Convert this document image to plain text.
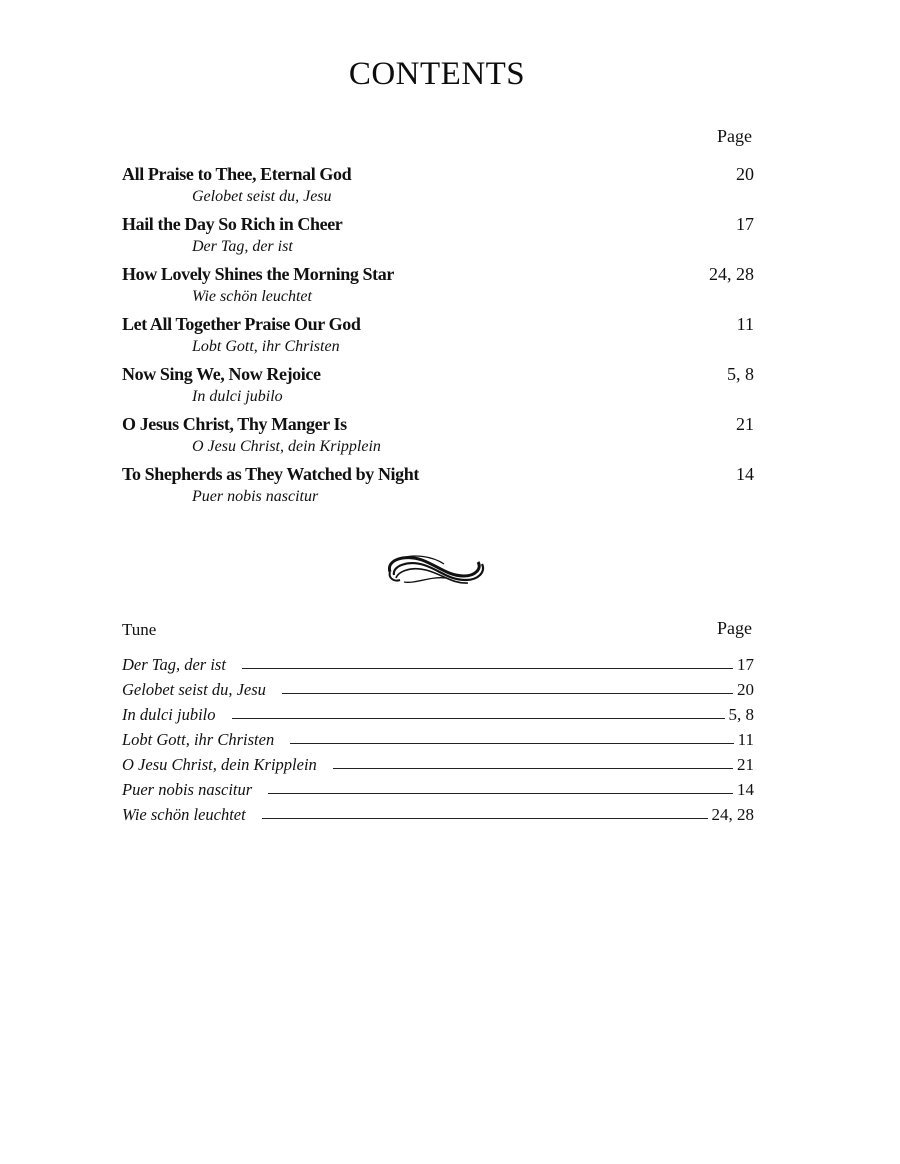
CONTENTS
Page
All Praise to Thee, Eternal God
Gelobet seist du, Jesu
20
Hail the Day So Rich in Cheer
Der Tag, der ist
17
How Lovely Shines the Morning Star
Wie schön leuchtet
24, 28
Let All Together Praise Our God
Lobt Gott, ihr Christen
11
Now Sing We, Now Rejoice
In dulci jubilo
5, 8
O Jesus Christ, Thy Manger Is
O Jesu Christ, dein Kripplein
21
To Shepherds as They Watched by Night
Puer nobis nascitur
14
Tune	Page
Der Tag, der ist	17
Gelobet seist du, Jesu	20
In dulci jubilo	5, 8
Lobt Gott, ihr Christen	11
O Jesu Christ, dein Kripplein	21
Puer nobis nascitur	14
Wie schön leuchtet	24, 28
